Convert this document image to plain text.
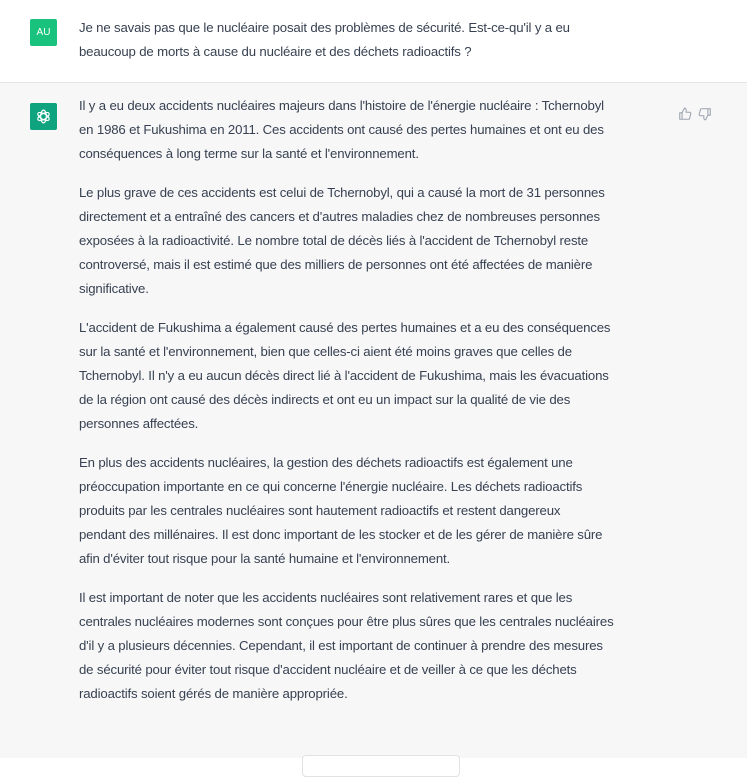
AU	Je ne savais pas que le nucléaire posait des problèmes de sécurité. Est-ce-qu'il y a eu
beaucoup de morts à cause du nucléaire et des déchets radioactifs ?
Il y a eu deux accidents nucléaires majeurs dans l'histoire de l'énergie nucléaire : Tchernobyl
en 1986 et Fukushima en 2011. Ces accidents ont causé des pertes humaines et ont eu des
conséquences à long terme sur la santé et l'environnement.
Le plus grave de ces accidents est celui de Tchernobyl, qui a causé la mort de 31 personnes
directement et a entraîné des cancers et d'autres maladies chez de nombreuses personnes
exposées à la radioactivité. Le nombre total de décès liés à l'accident de Tchernobyl reste
controversé, mais il est estimé que des milliers de personnes ont été affectées de manière
significative.
L'accident de Fukushima a également causé des pertes humaines et a eu des conséquences
sur la santé et l'environnement, bien que celles-ci aient été moins graves que celles de
Tchernobyl. Il n'y a eu aucun décès direct lié à l'accident de Fukushima, mais les évacuations
de la région ont causé des décès indirects et ont eu un impact sur la qualité de vie des
personnes affectées.
En plus des accidents nucléaires, la gestion des déchets radioactifs est également une
préoccupation importante en ce qui concerne l'énergie nucléaire. Les déchets radioactifs
produits par les centrales nucléaires sont hautement radioactifs et restent dangereux
pendant des millénaires. Il est donc important de les stocker et de les gérer de manière sûre
afin d'éviter tout risque pour la santé humaine et l'environnement.
Il est important de noter que les accidents nucléaires sont relativement rares et que les
centrales nucléaires modernes sont conçues pour être plus sûres que les centrales nucléaires
d'il y a plusieurs décennies. Cependant, il est important de continuer à prendre des mesures
de sécurité pour éviter tout risque d'accident nucléaire et de veiller à ce que les déchets
radioactifs soient gérés de manière appropriée.
